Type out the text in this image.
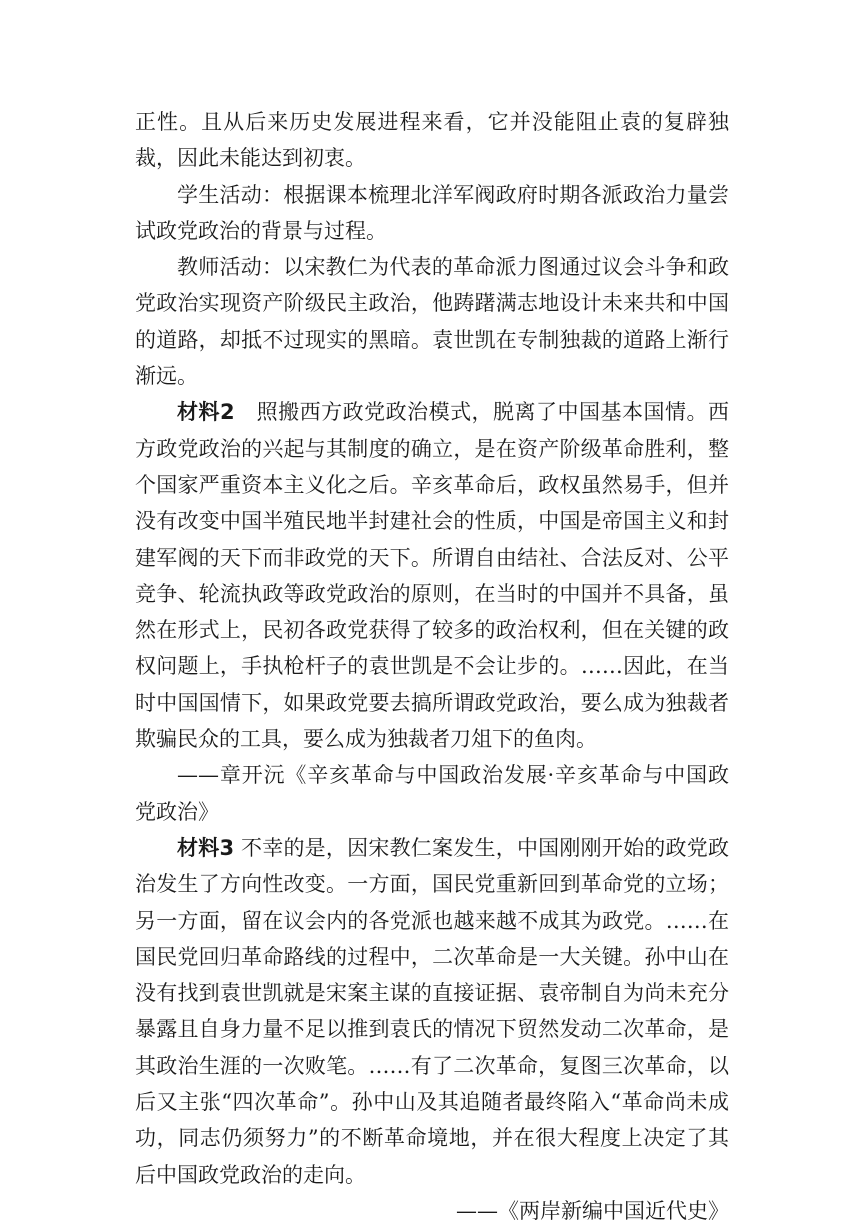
正性。且从后来历史发展进程来看，它并没能阻止袁的复辟独裁，因此未能达到初衷。

学生活动：根据课本梳理北洋军阀政府时期各派政治力量尝试政党政治的背景与过程。

教师活动：以宋教仁为代表的革命派力图通过议会斗争和政党政治实现资产阶级民主政治，他踌躇满志地设计未来共和中国的道路，却抵不过现实的黑暗。袁世凯在专制独裁的道路上渐行渐远。

材料2　 照搬西方政党政治模式，脱离了中国基本国情。西方政党政治的兴起与其制度的确立，是在资产阶级革命胜利，整个国家严重资本主义化之后。辛亥革命后，政权虽然易手，但并没有改变中国半殖民地半封建社会的性质，中国是帝国主义和封建军阀的天下而非政党的天下。所谓自由结社、合法反对、公平竞争、轮流执政等政党政治的原则，在当时的中国并不具备，虽然在形式上，民初各政党获得了较多的政治权利，但在关键的政权问题上，手执枪杆子的袁世凯是不会让步的。……因此，在当时中国国情下，如果政党要去搞所谓政党政治，要么成为独裁者欺骗民众的工具，要么成为独裁者刀俎下的鱼肉。

——章开沅《辛亥革命与中国政治发展·辛亥革命与中国政党政治》

材料3 不幸的是，因宋教仁案发生，中国刚刚开始的政党政治发生了方向性改变。一方面，国民党重新回到革命党的立场；另一方面，留在议会内的各党派也越来越不成其为政党。……在国民党回归革命路线的过程中，二次革命是一大关键。孙中山在没有找到袁世凯就是宋案主谋的直接证据、袁帝制自为尚未充分暴露且自身力量不足以推到袁氏的情况下贸然发动二次革命，是其政治生涯的一次败笔。……有了二次革命，复图三次革命，以后又主张“四次革命”。孙中山及其追随者最终陷入“革命尚未成功，同志仍须努力”的不断革命境地，并在很大程度上决定了其后中国政党政治的走向。

——《两岸新编中国近代史》
